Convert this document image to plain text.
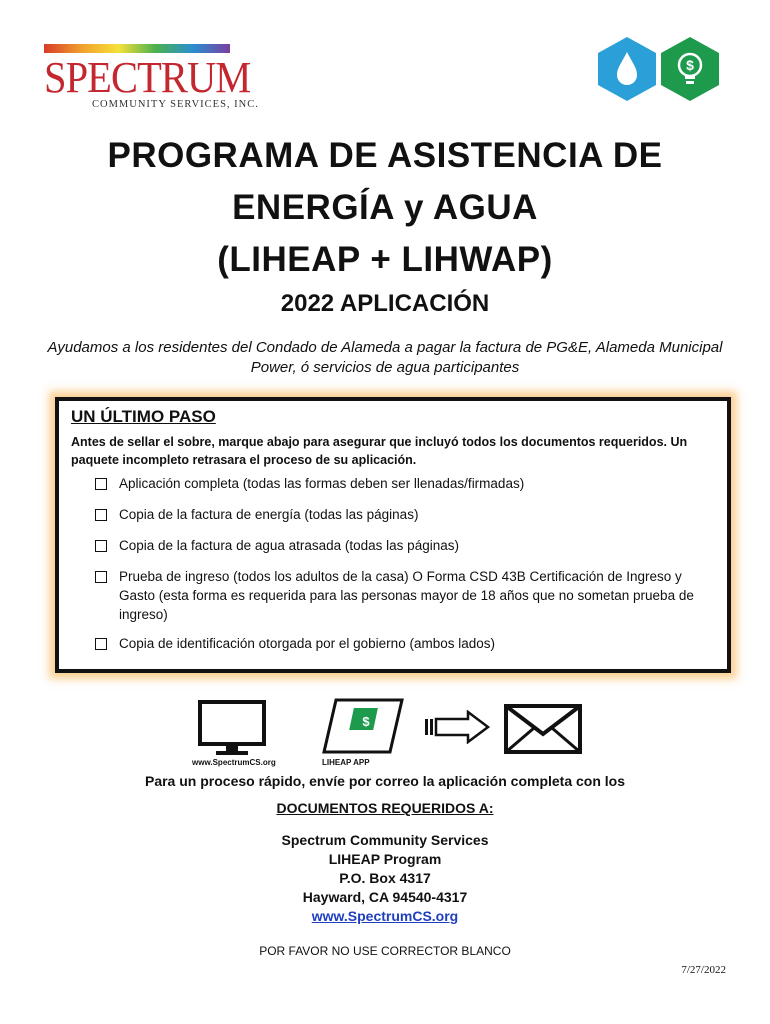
SPECTRUM
COMMUNITY SERVICES, INC.
$
PROGRAMA DE ASISTENCIA DE
ENERGÍA y AGUA
(LIHEAP + LIHWAP)
2022 APLICACIÓN
Ayudamos a los residentes del Condado de Alameda a pagar la factura de PG&E, Alameda Municipal Power, ó servicios de agua participantes
UN ÚLTIMO PASO
Antes de sellar el sobre, marque abajo para asegurar que incluyó todos los documentos requeridos. Un paquete incompleto retrasara el proceso de su aplicación.
Aplicación completa (todas las formas deben ser llenadas/firmadas)
Copia de la factura de energía (todas las páginas)
Copia de la factura de agua atrasada (todas las páginas)
Prueba de ingreso (todos los adultos de la casa) O Forma CSD 43B Certificación de Ingreso y Gasto (esta forma es requerida para las personas mayor de 18 años que no sometan prueba de ingreso)
Copia de identificación otorgada por el gobierno (ambos lados)
www.SpectrumCS.org
$
LIHEAP APP
Para un proceso rápido, envíe por correo la aplicación completa con los
DOCUMENTOS REQUERIDOS A:
Spectrum Community Services
LIHEAP Program
P.O. Box 4317
Hayward, CA 94540-4317
www.SpectrumCS.org
POR FAVOR NO USE CORRECTOR BLANCO
7/27/2022
